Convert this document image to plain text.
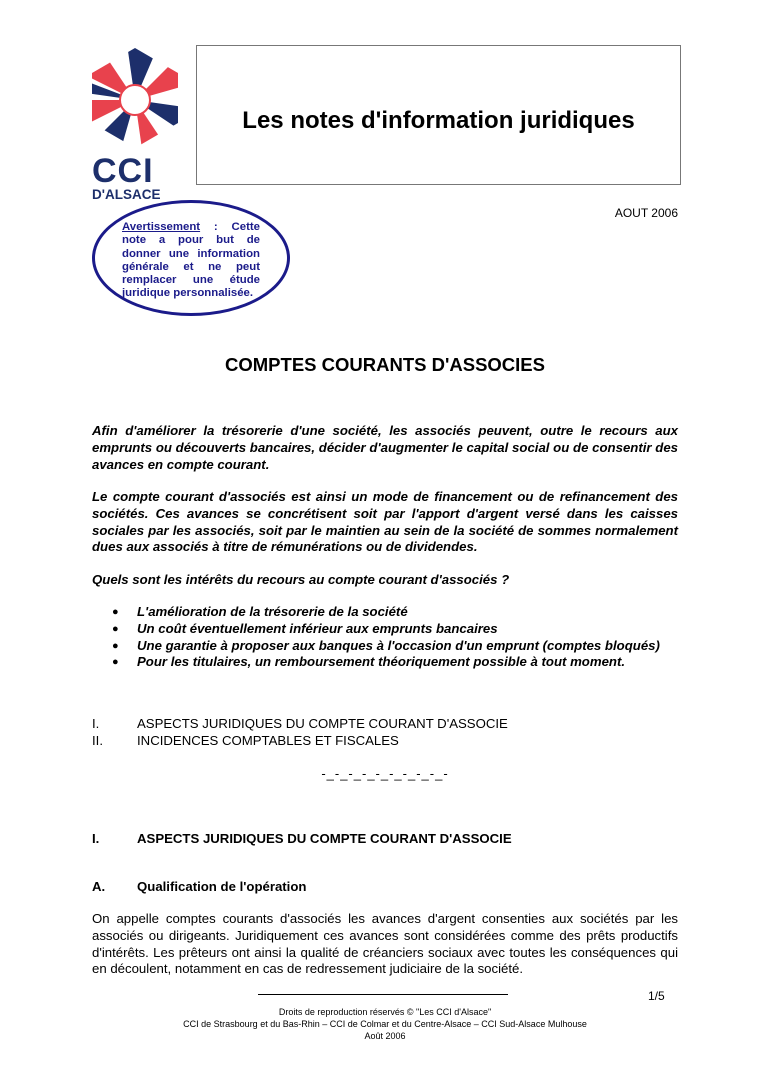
CCI
D'ALSACE
Les notes d'information juridiques
AOUT 2006
Avertissement : Cette note a pour but de donner une information générale et ne peut remplacer une étude juridique personnalisée.
COMPTES COURANTS D'ASSOCIES
Afin d'améliorer la trésorerie d'une société, les associés peuvent, outre le recours aux emprunts ou découverts bancaires, décider d'augmenter le capital social ou de consentir des avances en compte courant.
Le compte courant d'associés est ainsi un mode de financement ou de refinancement des sociétés. Ces avances se concrétisent soit par l'apport d'argent versé dans les caisses sociales par les associés, soit par le maintien au sein de la société de sommes normalement dues aux associés à titre de rémunérations ou de dividendes.
Quels sont les intérêts du recours au compte courant d'associés ?
● L'amélioration de la trésorerie de la société
● Un coût éventuellement inférieur aux emprunts bancaires
● Une garantie à proposer aux banques à l'occasion d'un emprunt (comptes bloqués)
● Pour les titulaires, un remboursement théoriquement possible à tout moment.
I.	ASPECTS JURIDIQUES DU COMPTE COURANT D'ASSOCIE
II.	INCIDENCES COMPTABLES ET FISCALES
-_-_-_-_-_-_-_-_-_-
I.	ASPECTS JURIDIQUES DU COMPTE COURANT D'ASSOCIE
A.	Qualification de l'opération
On appelle comptes courants d'associés les avances d'argent consenties aux sociétés par les associés ou dirigeants. Juridiquement ces avances sont considérées comme des prêts productifs d'intérêts. Les prêteurs ont ainsi la qualité de créanciers sociaux avec toutes les conséquences qui en découlent, notamment en cas de redressement judiciaire de la société.
1/5
Droits de reproduction réservés © "Les CCI d'Alsace"
CCI de Strasbourg et du Bas-Rhin – CCI de Colmar et du Centre-Alsace – CCI Sud-Alsace Mulhouse
Août 2006
